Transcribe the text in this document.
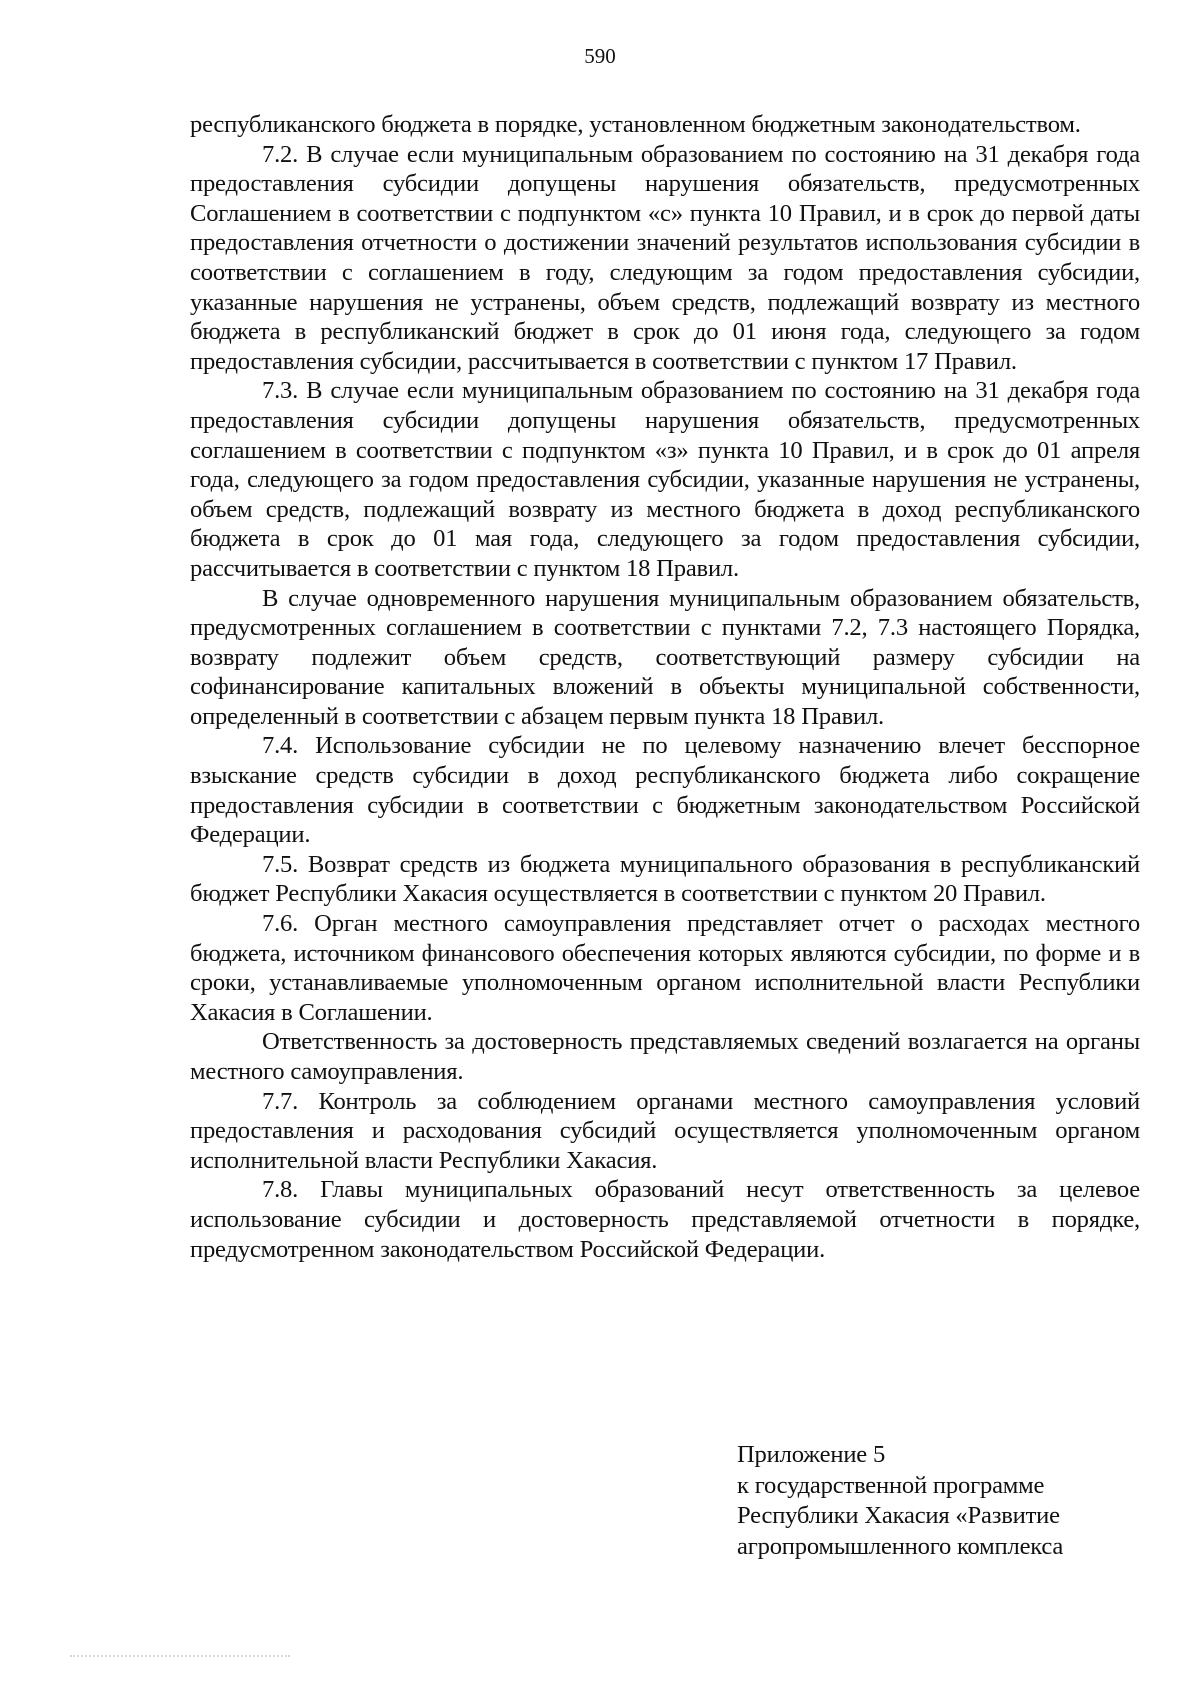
590

республиканского бюджета в порядке, установленном бюджетным законодательством.

7.2. В случае если муниципальным образованием по состоянию на 31 декабря года предоставления субсидии допущены нарушения обязательств, предусмотренных Соглашением в соответствии с подпунктом «с» пункта 10 Правил, и в срок до первой даты предоставления отчетности о достижении значений результатов использования субсидии в соответствии с соглашением в году, следующим за годом предоставления субсидии, указанные нарушения не устранены, объем средств, подлежащий возврату из местного бюджета в республиканский бюджет в срок до 01 июня года, следующего за годом предоставления субсидии, рассчитывается в соответствии с пунктом 17 Правил.

7.3. В случае если муниципальным образованием по состоянию на 31 декабря года предоставления субсидии допущены нарушения обязательств, предусмотренных соглашением в соответствии с подпунктом «з» пункта 10 Правил, и в срок до 01 апреля года, следующего за годом предоставления субсидии, указанные нарушения не устранены, объем средств, подлежащий возврату из местного бюджета в доход республиканского бюджета в срок до 01 мая года, следующего за годом предоставления субсидии, рассчитывается в соответствии с пунктом 18 Правил.

В случае одновременного нарушения муниципальным образованием обязательств, предусмотренных соглашением в соответствии с пунктами 7.2, 7.3 настоящего Порядка, возврату подлежит объем средств, соответствующий размеру субсидии на софинансирование капитальных вложений в объекты муниципальной собственности, определенный в соответствии с абзацем первым пункта 18 Правил.

7.4. Использование субсидии не по целевому назначению влечет бесспорное взыскание средств субсидии в доход республиканского бюджета либо сокращение предоставления субсидии в соответствии с бюджетным законодательством Российской Федерации.

7.5. Возврат средств из бюджета муниципального образования в республиканский бюджет Республики Хакасия осуществляется в соответствии с пунктом 20 Правил.

7.6. Орган местного самоуправления представляет отчет о расходах местного бюджета, источником финансового обеспечения которых являются субсидии, по форме и в сроки, устанавливаемые уполномоченным органом исполнительной власти Республики Хакасия в Соглашении.

Ответственность за достоверность представляемых сведений возлагается на органы местного самоуправления.

7.7. Контроль за соблюдением органами местного самоуправления условий предоставления и расходования субсидий осуществляется уполномоченным органом исполнительной власти Республики Хакасия.

7.8. Главы муниципальных образований несут ответственность за целевое использование субсидии и достоверность представляемой отчетности в порядке, предусмотренном законодательством Российской Федерации.

Приложение 5
к государственной программе
Республики Хакасия «Развитие
агропромышленного комплекса
